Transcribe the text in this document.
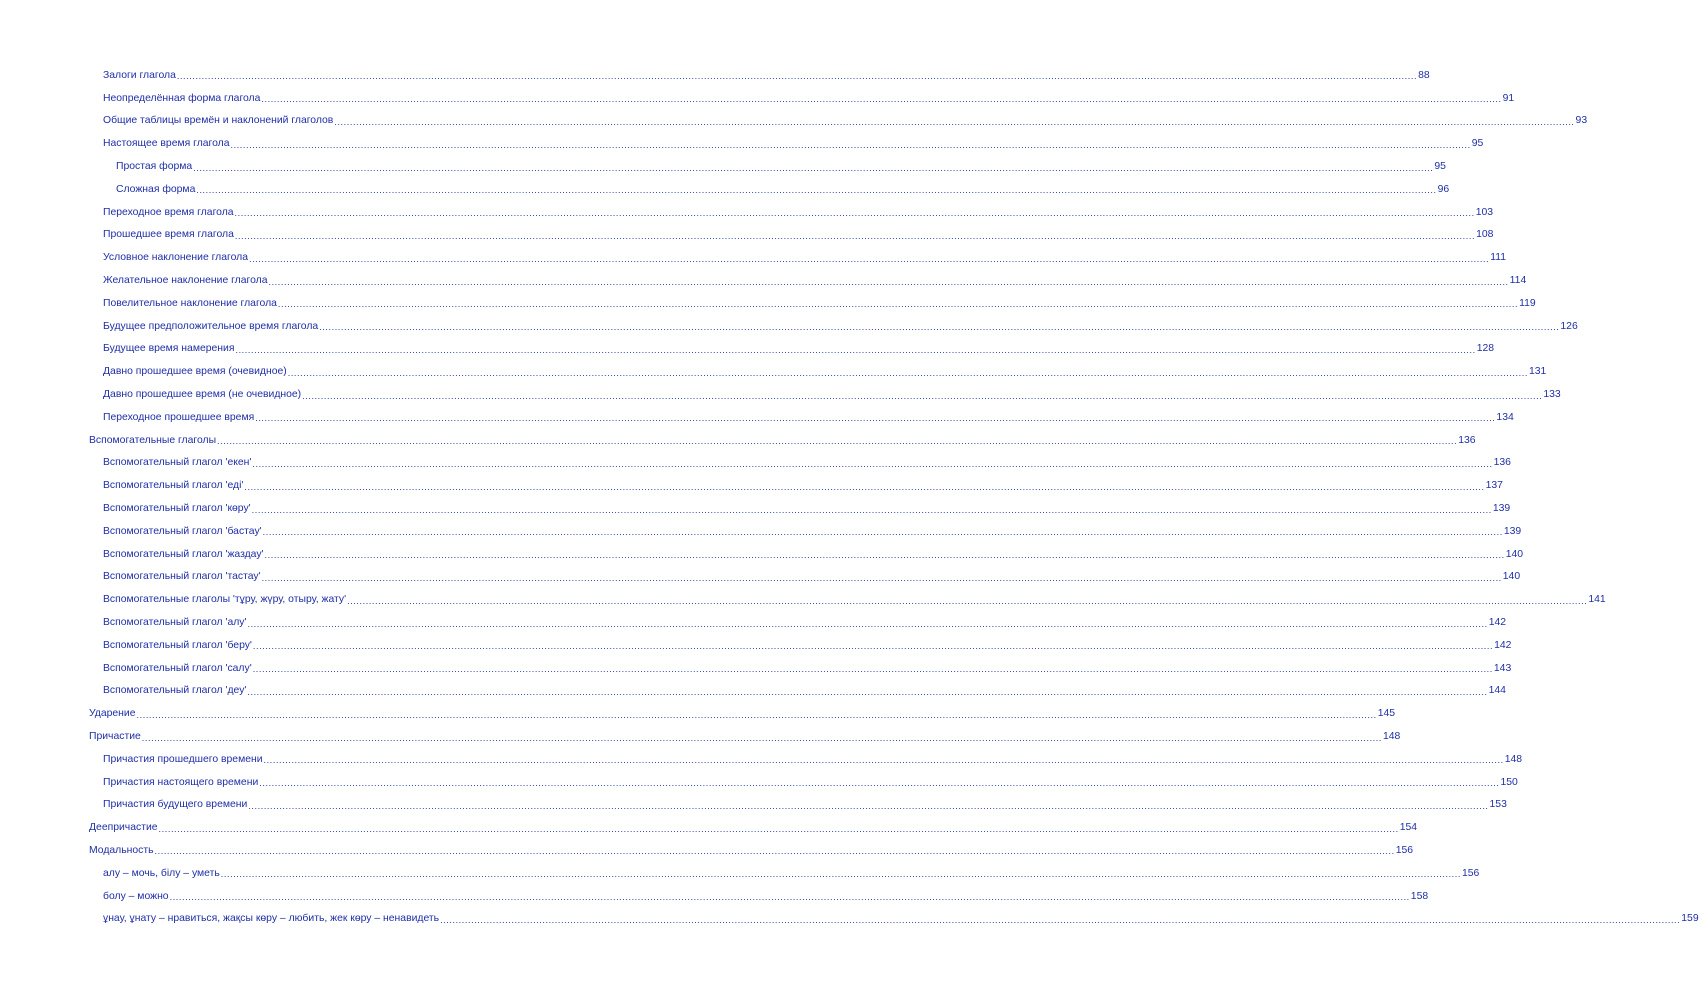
Залоги глагола ................................................................................................................................................................................................................................................................................................................................................................................................................ 88
Неопределённая форма глагола ................................................................................................................................................................................................................................................................................................................................................................................................................ 91
Общие таблицы времён и наклонений глаголов ................................................................................................................................................................................................................................................................................................................................................................................................................ 93
Настоящее время глагола ................................................................................................................................................................................................................................................................................................................................................................................................................ 95
Простая форма ................................................................................................................................................................................................................................................................................................................................................................................................................ 95
Сложная форма ................................................................................................................................................................................................................................................................................................................................................................................................................ 96
Переходное время глагола ................................................................................................................................................................................................................................................................................................................................................................................................................ 103
Прошедшее время глагола ................................................................................................................................................................................................................................................................................................................................................................................................................ 108
Условное наклонение глагола ................................................................................................................................................................................................................................................................................................................................................................................................................ 111
Желательное наклонение глагола ................................................................................................................................................................................................................................................................................................................................................................................................................ 114
Повелительное наклонение глагола ................................................................................................................................................................................................................................................................................................................................................................................................................ 119
Будущее предположительное время глагола ................................................................................................................................................................................................................................................................................................................................................................................................................ 126
Будущее время намерения ................................................................................................................................................................................................................................................................................................................................................................................................................ 128
Давно прошедшее время (очевидное) ................................................................................................................................................................................................................................................................................................................................................................................................................ 131
Давно прошедшее время (не очевидное) ................................................................................................................................................................................................................................................................................................................................................................................................................ 133
Переходное прошедшее время ................................................................................................................................................................................................................................................................................................................................................................................................................ 134
Вспомогательные глаголы ................................................................................................................................................................................................................................................................................................................................................................................................................ 136
Вспомогательный глагол 'екен' ................................................................................................................................................................................................................................................................................................................................................................................................................ 136
Вспомогательный глагол 'еді' ................................................................................................................................................................................................................................................................................................................................................................................................................ 137
Вспомогательный глагол 'көру' ................................................................................................................................................................................................................................................................................................................................................................................................................ 139
Вспомогательный глагол 'бастау' ................................................................................................................................................................................................................................................................................................................................................................................................................ 139
Вспомогательный глагол 'жаздау' ................................................................................................................................................................................................................................................................................................................................................................................................................ 140
Вспомогательный глагол 'тастау' ................................................................................................................................................................................................................................................................................................................................................................................................................ 140
Вспомогательные глаголы 'тұру, жүру, отыру, жату' ................................................................................................................................................................................................................................................................................................................................................................................................................ 141
Вспомогательный глагол 'алу' ................................................................................................................................................................................................................................................................................................................................................................................................................ 142
Вспомогательный глагол 'беру' ................................................................................................................................................................................................................................................................................................................................................................................................................ 142
Вспомогательный глагол 'салу' ................................................................................................................................................................................................................................................................................................................................................................................................................ 143
Вспомогательный глагол 'деу' ................................................................................................................................................................................................................................................................................................................................................................................................................ 144
Ударение ................................................................................................................................................................................................................................................................................................................................................................................................................ 145
Причастие ................................................................................................................................................................................................................................................................................................................................................................................................................ 148
Причастия прошедшего времени ................................................................................................................................................................................................................................................................................................................................................................................................................ 148
Причастия настоящего времени ................................................................................................................................................................................................................................................................................................................................................................................................................ 150
Причастия будущего времени ................................................................................................................................................................................................................................................................................................................................................................................................................ 153
Деепричастие ................................................................................................................................................................................................................................................................................................................................................................................................................ 154
Модальность ................................................................................................................................................................................................................................................................................................................................................................................................................ 156
алу – мочь, білу – уметь ................................................................................................................................................................................................................................................................................................................................................................................................................ 156
болу – можно ................................................................................................................................................................................................................................................................................................................................................................................................................ 158
ұнау, ұнату – нравиться, жақсы көру – любить, жек көру – ненавидеть ................................................................................................................................................................................................................................................................................................................................................................................................................ 159
